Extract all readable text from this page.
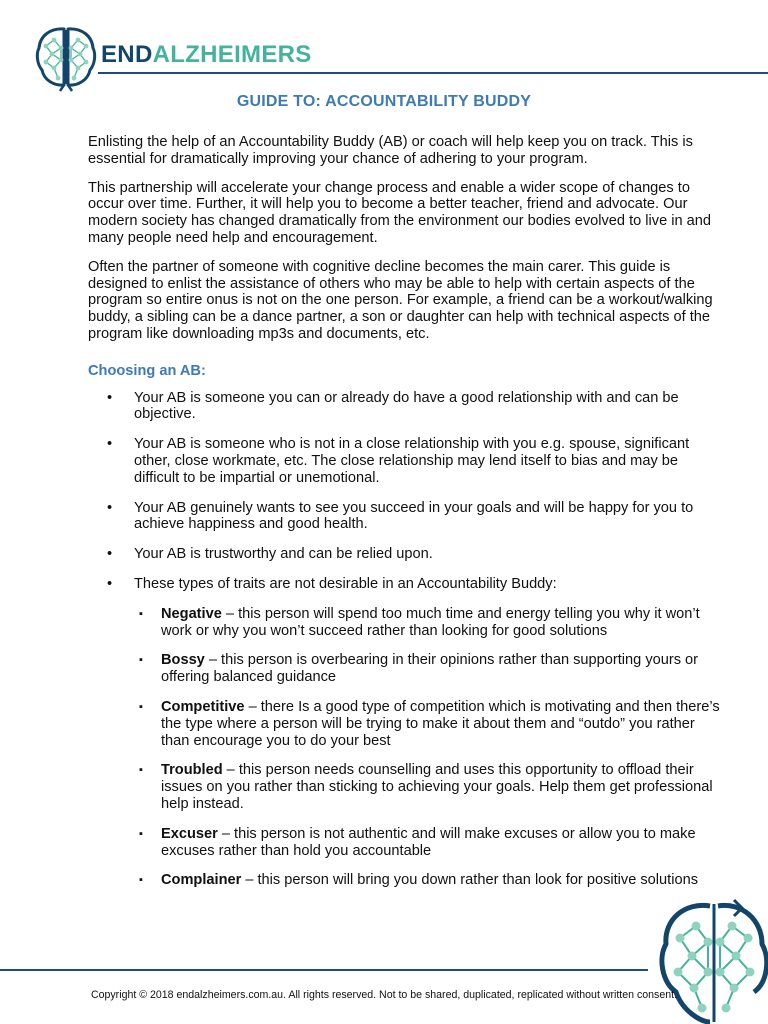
ENDALZHEIMERS
GUIDE TO: ACCOUNTABILITY BUDDY

Enlisting the help of an Accountability Buddy (AB) or coach will help keep you on track. This is essential for dramatically improving your chance of adhering to your program.

This partnership will accelerate your change process and enable a wider scope of changes to occur over time. Further, it will help you to become a better teacher, friend and advocate. Our modern society has changed dramatically from the environment our bodies evolved to live in and many people need help and encouragement.

Often the partner of someone with cognitive decline becomes the main carer. This guide is designed to enlist the assistance of others who may be able to help with certain aspects of the program so entire onus is not on the one person. For example, a friend can be a workout/walking buddy, a sibling can be a dance partner, a son or daughter can help with technical aspects of the program like downloading mp3s and documents, etc.

Choosing an AB:
• Your AB is someone you can or already do have a good relationship with and can be objective.
• Your AB is someone who is not in a close relationship with you e.g. spouse, significant other, close workmate, etc. The close relationship may lend itself to bias and may be difficult to be impartial or unemotional.
• Your AB genuinely wants to see you succeed in your goals and will be happy for you to achieve happiness and good health.
• Your AB is trustworthy and can be relied upon.
• These types of traits are not desirable in an Accountability Buddy:
▪ Negative – this person will spend too much time and energy telling you why it won’t work or why you won’t succeed rather than looking for good solutions
▪ Bossy – this person is overbearing in their opinions rather than supporting yours or offering balanced guidance
▪ Competitive – there Is a good type of competition which is motivating and then there’s the type where a person will be trying to make it about them and “outdo” you rather than encourage you to do your best
▪ Troubled – this person needs counselling and uses this opportunity to offload their issues on you rather than sticking to achieving your goals. Help them get professional help instead.
▪ Excuser – this person is not authentic and will make excuses or allow you to make excuses rather than hold you accountable
▪ Complainer – this person will bring you down rather than look for positive solutions

Copyright © 2018 endalzheimers.com.au. All rights reserved. Not to be shared, duplicated, replicated without written consent.
